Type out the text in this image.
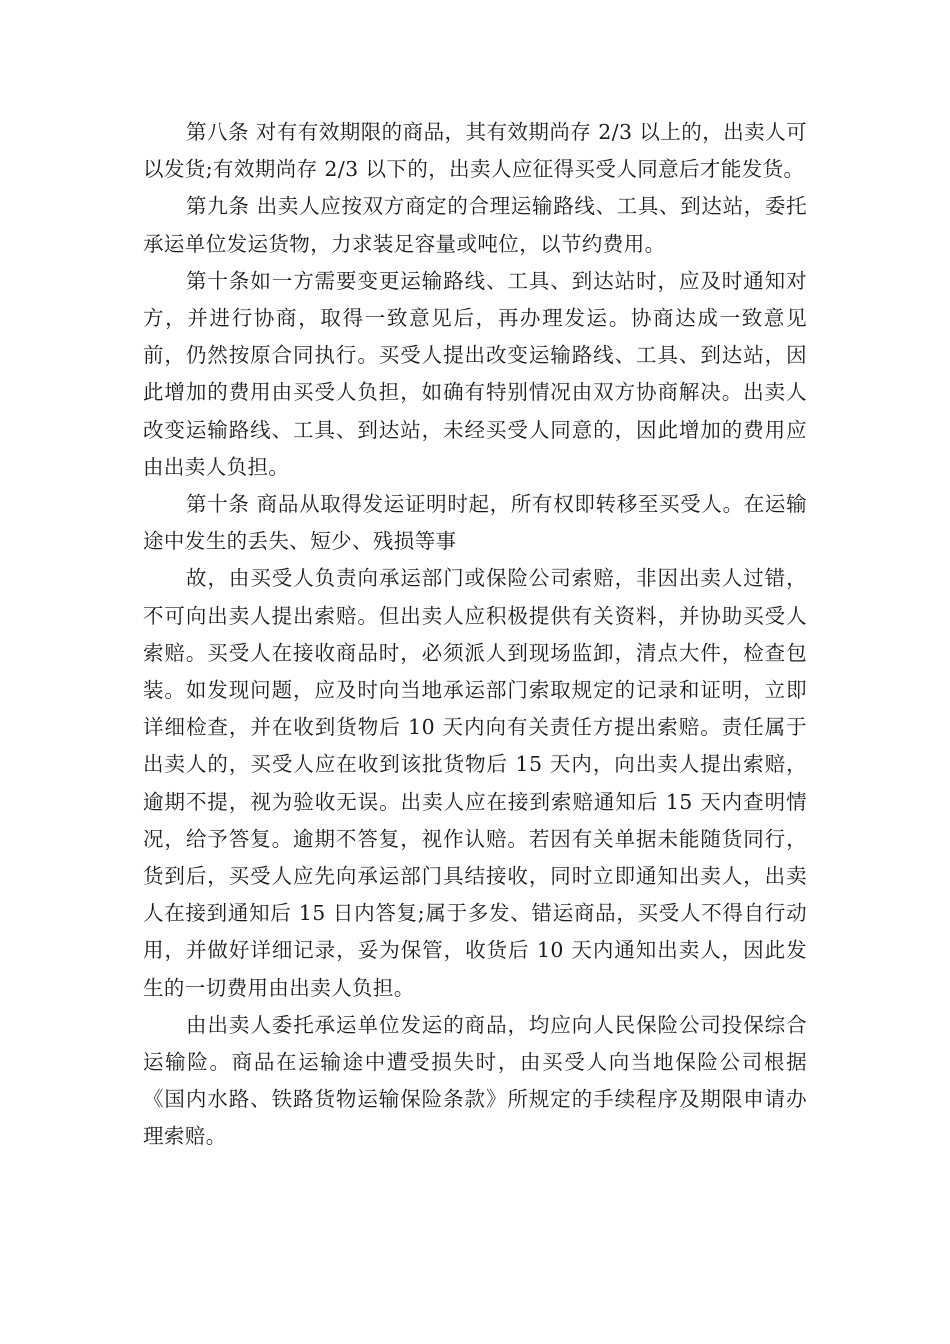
第八条 对有有效期限的商品，其有效期尚存 2/3 以上的，出卖人可以发货;有效期尚存 2/3 以下的，出卖人应征得买受人同意后才能发货。

第九条 出卖人应按双方商定的合理运输路线、工具、到达站，委托承运单位发运货物，力求装足容量或吨位，以节约费用。

第十条如一方需要变更运输路线、工具、到达站时，应及时通知对方，并进行协商，取得一致意见后，再办理发运。协商达成一致意见前，仍然按原合同执行。买受人提出改变运输路线、工具、到达站，因此增加的费用由买受人负担，如确有特别情况由双方协商解决。出卖人改变运输路线、工具、到达站，未经买受人同意的，因此增加的费用应由出卖人负担。

第十条 商品从取得发运证明时起，所有权即转移至买受人。在运输途中发生的丢失、短少、残损等事

故，由买受人负责向承运部门或保险公司索赔，非因出卖人过错，不可向出卖人提出索赔。但出卖人应积极提供有关资料，并协助买受人索赔。买受人在接收商品时，必须派人到现场监卸，清点大件，检查包装。如发现问题，应及时向当地承运部门索取规定的记录和证明，立即详细检查，并在收到货物后 10 天内向有关责任方提出索赔。责任属于出卖人的，买受人应在收到该批货物后 15 天内，向出卖人提出索赔，逾期不提，视为验收无误。出卖人应在接到索赔通知后 15 天内查明情况，给予答复。逾期不答复，视作认赔。若因有关单据未能随货同行，货到后，买受人应先向承运部门具结接收，同时立即通知出卖人，出卖人在接到通知后 15 日内答复;属于多发、错运商品，买受人不得自行动用，并做好详细记录，妥为保管，收货后 10 天内通知出卖人，因此发生的一切费用由出卖人负担。

由出卖人委托承运单位发运的商品，均应向人民保险公司投保综合运输险。商品在运输途中遭受损失时，由买受人向当地保险公司根据《国内水路、铁路货物运输保险条款》所规定的手续程序及期限申请办理索赔。
